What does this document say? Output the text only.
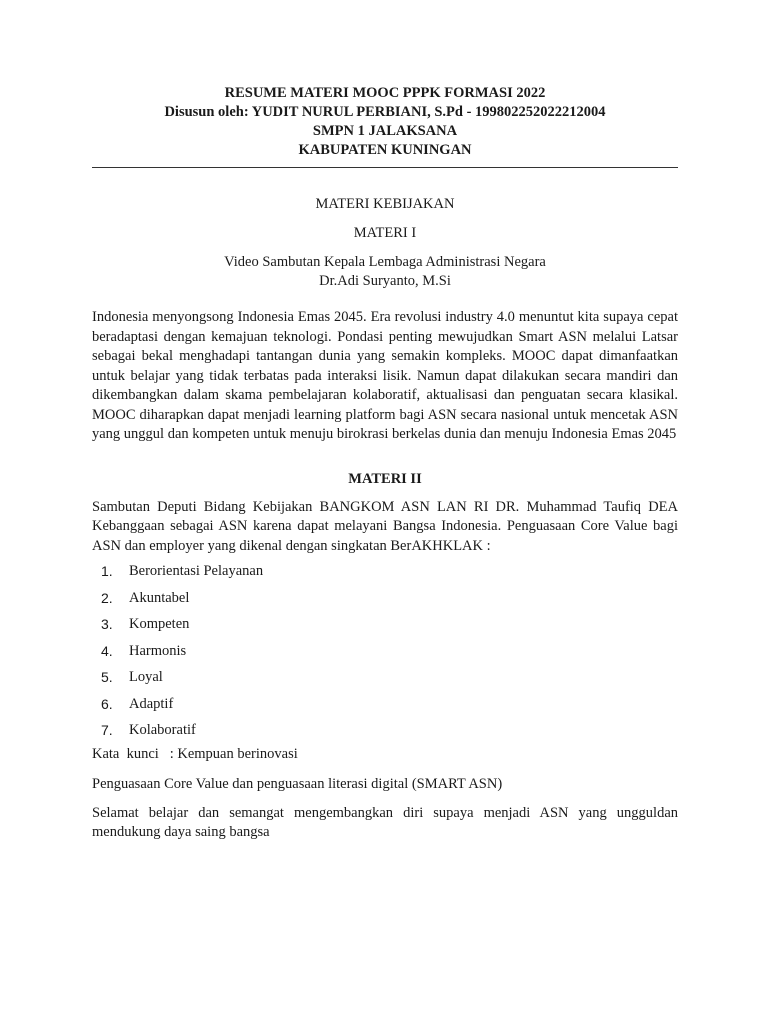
RESUME MATERI MOOC PPPK FORMASI 2022
Disusun oleh: YUDIT NURUL PERBIANI, S.Pd - 199802252022212004
SMPN 1 JALAKSANA
KABUPATEN KUNINGAN
MATERI KEBIJAKAN
MATERI I
Video Sambutan Kepala Lembaga Administrasi Negara
Dr.Adi Suryanto, M.Si

Indonesia menyongsong Indonesia Emas 2045. Era revolusi industry 4.0 menuntut kita supaya cepat beradaptasi dengan kemajuan teknologi. Pondasi penting mewujudkan Smart ASN melalui Latsar sebagai bekal menghadapi tantangan dunia yang semakin kompleks. MOOC dapat dimanfaatkan untuk belajar yang tidak terbatas pada interaksi lisik. Namun dapat dilakukan secara mandiri dan dikembangkan dalam skama pembelajaran kolaboratif, aktualisasi dan penguatan secara klasikal. MOOC diharapkan dapat menjadi learning platform bagi ASN secara nasional untuk mencetak ASN yang unggul dan kompeten untuk menuju birokrasi berkelas dunia dan menuju Indonesia Emas 2045

MATERI II

Sambutan Deputi Bidang Kebijakan BANGKOM ASN LAN RI DR. Muhammad Taufiq DEA Kebanggaan sebagai ASN karena dapat melayani Bangsa Indonesia. Penguasaan Core Value bagi ASN dan employer yang dikenal dengan singkatan BerAKHKLAK :

1. Berorientasi Pelayanan
2. Akuntabel
3. Kompeten
4. Harmonis
5. Loyal
6. Adaptif
7. Kolaboratif

Kata  kunci   : Kempuan berinovasi

Penguasaan Core Value dan penguasaan literasi digital (SMART ASN)

Selamat belajar dan semangat mengembangkan diri supaya menjadi ASN yang ungguldan mendukung daya saing bangsa
